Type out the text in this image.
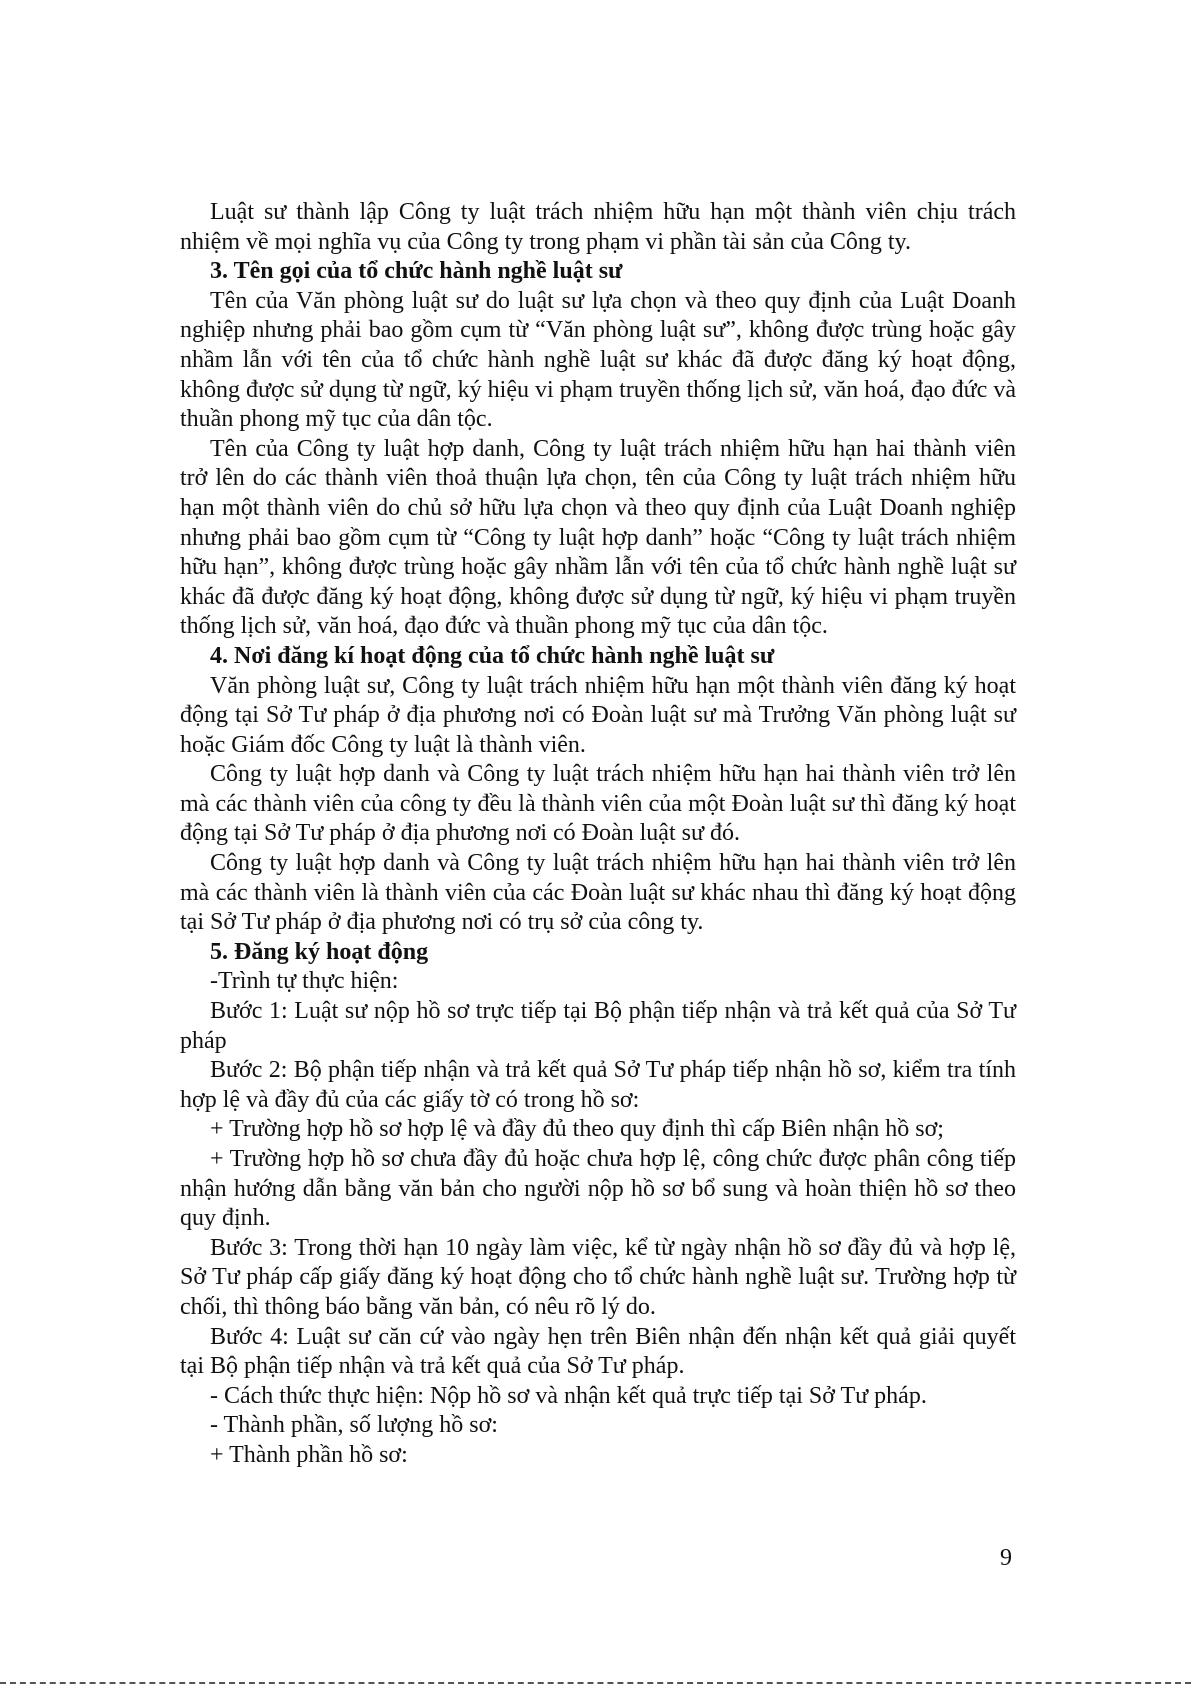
Luật sư thành lập Công ty luật trách nhiệm hữu hạn một thành viên chịu trách nhiệm về mọi nghĩa vụ của Công ty trong phạm vi phần tài sản của Công ty.

3. Tên gọi của tổ chức hành nghề luật sư

Tên của Văn phòng luật sư do luật sư lựa chọn và theo quy định của Luật Doanh nghiệp nhưng phải bao gồm cụm từ “Văn phòng luật sư”, không được trùng hoặc gây nhầm lẫn với tên của tổ chức hành nghề luật sư khác đã được đăng ký hoạt động, không được sử dụng từ ngữ, ký hiệu vi phạm truyền thống lịch sử, văn hoá, đạo đức và thuần phong mỹ tục của dân tộc.

Tên của Công ty luật hợp danh, Công ty luật trách nhiệm hữu hạn hai thành viên trở lên do các thành viên thoả thuận lựa chọn, tên của Công ty luật trách nhiệm hữu hạn một thành viên do chủ sở hữu lựa chọn và theo quy định của Luật Doanh nghiệp nhưng phải bao gồm cụm từ “Công ty luật hợp danh” hoặc “Công ty luật trách nhiệm hữu hạn”, không được trùng hoặc gây nhầm lẫn với tên của tổ chức hành nghề luật sư khác đã được đăng ký hoạt động, không được sử dụng từ ngữ, ký hiệu vi phạm truyền thống lịch sử, văn hoá, đạo đức và thuần phong mỹ tục của dân tộc.

4. Nơi đăng kí hoạt động của tổ chức hành nghề luật sư

Văn phòng luật sư, Công ty luật trách nhiệm hữu hạn một thành viên đăng ký hoạt động tại Sở Tư pháp ở địa phương nơi có Đoàn luật sư mà Trưởng Văn phòng luật sư hoặc Giám đốc Công ty luật là thành viên.

Công ty luật hợp danh và Công ty luật trách nhiệm hữu hạn hai thành viên trở lên mà các thành viên của công ty đều là thành viên của một Đoàn luật sư thì đăng ký hoạt động tại Sở Tư pháp ở địa phương nơi có Đoàn luật sư đó.

Công ty luật hợp danh và Công ty luật trách nhiệm hữu hạn hai thành viên trở lên mà các thành viên là thành viên của các Đoàn luật sư khác nhau thì đăng ký hoạt động tại Sở Tư pháp ở địa phương nơi có trụ sở của công ty.

5. Đăng ký hoạt động

-Trình tự thực hiện:

Bước 1: Luật sư nộp hồ sơ trực tiếp tại Bộ phận tiếp nhận và trả kết quả của Sở Tư pháp

Bước 2: Bộ phận tiếp nhận và trả kết quả Sở Tư pháp tiếp nhận hồ sơ, kiểm tra tính hợp lệ và đầy đủ của các giấy tờ có trong hồ sơ:

+ Trường hợp hồ sơ hợp lệ và đầy đủ theo quy định thì cấp Biên nhận hồ sơ;

+ Trường hợp hồ sơ chưa đầy đủ hoặc chưa hợp lệ, công chức được phân công tiếp nhận hướng dẫn bằng văn bản cho người nộp hồ sơ bổ sung và hoàn thiện hồ sơ theo quy định.

Bước 3: Trong thời hạn 10 ngày làm việc, kể từ ngày nhận hồ sơ đầy đủ và hợp lệ, Sở Tư pháp cấp giấy đăng ký hoạt động cho tổ chức hành nghề luật sư. Trường hợp từ chối, thì thông báo bằng văn bản, có nêu rõ lý do.

Bước 4: Luật sư căn cứ vào ngày hẹn trên Biên nhận đến nhận kết quả giải quyết tại Bộ phận tiếp nhận và trả kết quả của Sở Tư pháp.

- Cách thức thực hiện: Nộp hồ sơ và nhận kết quả trực tiếp tại Sở Tư pháp.

- Thành phần, số lượng hồ sơ:

+ Thành phần hồ sơ:

9
